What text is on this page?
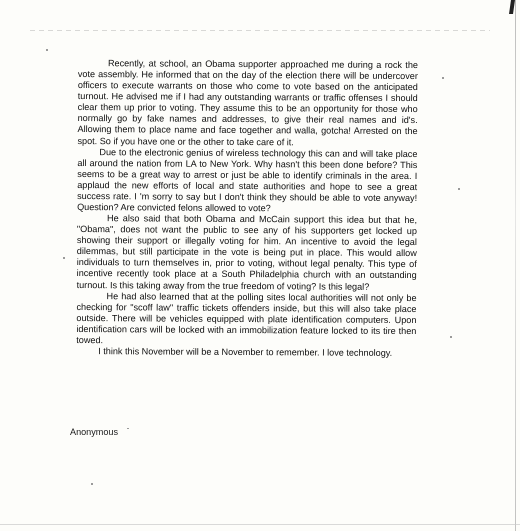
Recently, at school, an Obama supporter approached me during a rock the vote assembly. He informed that on the day of the election there will be undercover officers to execute warrants on those who come to vote based on the anticipated turnout. He advised me if I had any outstanding warrants or traffic offenses I should clear them up prior to voting. They assume this to be an opportunity for those who normally go by fake names and addresses, to give their real names and id's. Allowing them to place name and face together and walla, gotcha! Arrested on the spot. So if you have one or the other to take care of it.

Due to the electronic genius of wireless technology this can and will take place all around the nation from LA to New York. Why hasn't this been done before? This seems to be a great way to arrest or just be able to identify criminals in the area. I applaud the new efforts of local and state authorities and hope to see a great success rate. I 'm sorry to say but I don't think they should be able to vote anyway! Question? Are convicted felons allowed to vote?

He also said that both Obama and McCain support this idea but that he, "Obama", does not want the public to see any of his supporters get locked up showing their support or illegally voting for him. An incentive to avoid the legal dilemmas, but still participate in the vote is being put in place. This would allow individuals to turn themselves in, prior to voting, without legal penalty. This type of incentive recently took place at a South Philadelphia church with an outstanding turnout. Is this taking away from the true freedom of voting? Is this legal?

He had also learned that at the polling sites local authorities will not only be checking for "scoff law" traffic tickets offenders inside, but this will also take place outside. There will be vehicles equipped with plate identification computers. Upon identification cars will be locked with an immobilization feature locked to its tire then towed.

I think this November will be a November to remember. I love technology.

Anonymous
